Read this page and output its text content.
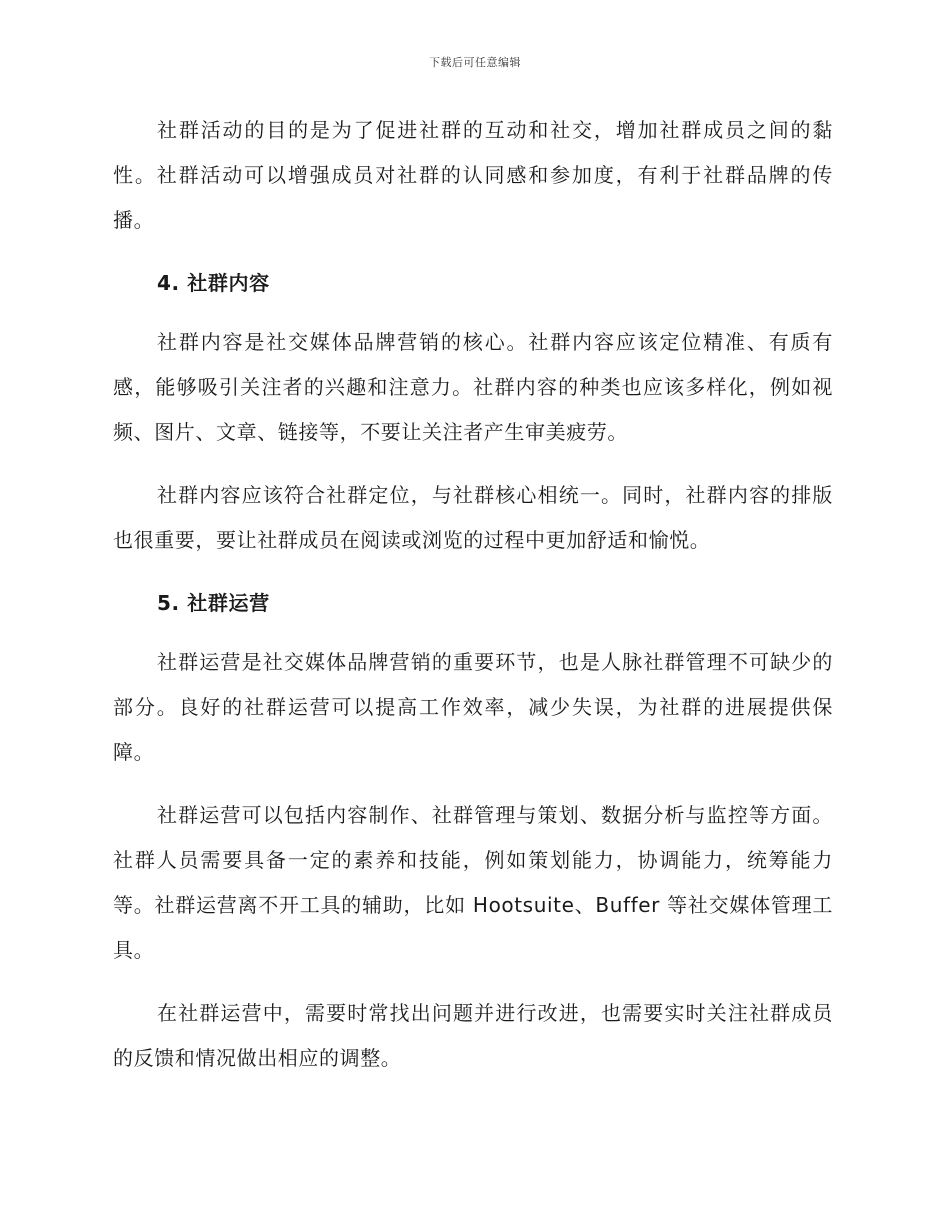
下载后可任意编辑

社群活动的目的是为了促进社群的互动和社交，增加社群成员之间的黏性。社群活动可以增强成员对社群的认同感和参加度，有利于社群品牌的传播。

4. 社群内容

社群内容是社交媒体品牌营销的核心。社群内容应该定位精准、有质有感，能够吸引关注者的兴趣和注意力。社群内容的种类也应该多样化，例如视频、图片、文章、链接等，不要让关注者产生审美疲劳。

社群内容应该符合社群定位，与社群核心相统一。同时，社群内容的排版也很重要，要让社群成员在阅读或浏览的过程中更加舒适和愉悦。

5. 社群运营

社群运营是社交媒体品牌营销的重要环节，也是人脉社群管理不可缺少的部分。良好的社群运营可以提高工作效率，减少失误，为社群的进展提供保障。

社群运营可以包括内容制作、社群管理与策划、数据分析与监控等方面。社群人员需要具备一定的素养和技能，例如策划能力，协调能力，统筹能力等。社群运营离不开工具的辅助，比如 Hootsuite、Buffer 等社交媒体管理工具。

在社群运营中，需要时常找出问题并进行改进，也需要实时关注社群成员的反馈和情况做出相应的调整。
